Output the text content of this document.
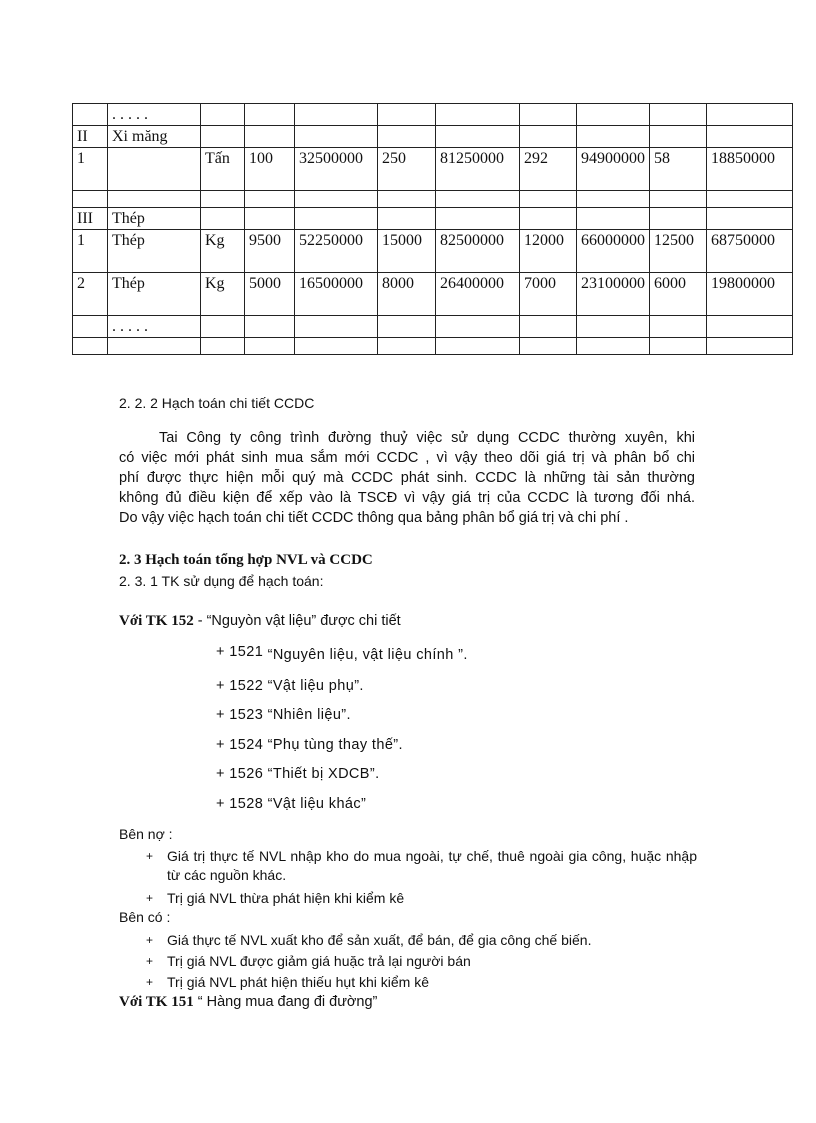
	. . . . .									
II	Xi măng									
1		Tấn	100	32500000	250	81250000	292	94900000	58	18850000

III	Thép									
1	Thép	Kg	9500	52250000	15000	82500000	12000	66000000	12500	68750000
2	Thép	Kg	5000	16500000	8000	26400000	7000	23100000	6000	19800000
	. . . . .									

2. 2. 2 Hạch toán chi tiết CCDC
Tai Công ty công trình đường thuỷ việc sử dụng CCDC thường xuyên, khi
có việc mới phát sinh mua sắm mới CCDC , vì vậy theo dõi giá trị và phân bổ chi
phí được thực hiện mỗi quý mà CCDC phát sinh. CCDC là những tài sản thường
không đủ điều kiện để xếp vào là TSCĐ vì vậy giá trị của CCDC là tương đối nhá.
Do vậy việc hạch toán chi tiết CCDC thông qua bảng phân bổ giá trị và chi phí .
2. 3 Hạch toán tổng hợp NVL và CCDC
2. 3. 1 TK sử dụng để hạch toán:
Với TK 152 - “Nguyòn vật liệu” được chi tiết
+ 1521 “Nguyên liệu, vật liệu chính ”.
+ 1522 “Vật liệu phụ”.
+ 1523 “Nhiên liệu”.
+ 1524 “Phụ tùng thay thế”.
+ 1526 “Thiết bị XDCB”.
+ 1528 “Vật liệu khác”
Bên nợ :
+ Giá trị thực tế NVL nhập kho do mua ngoài, tự chế, thuê ngoài gia công, huặc nhập từ các nguồn khác.
+ Trị giá NVL thừa phát hiện khi kiểm kê
Bên có :
+ Giá thực tế NVL xuất kho để sản xuất, để bán, để gia công chế biến.
+ Trị giá NVL được giảm giá huặc trả lại người bán
+ Trị giá NVL phát hiện thiếu hụt khi kiểm kê
Với TK 151 “ Hàng mua đang đi đường”
